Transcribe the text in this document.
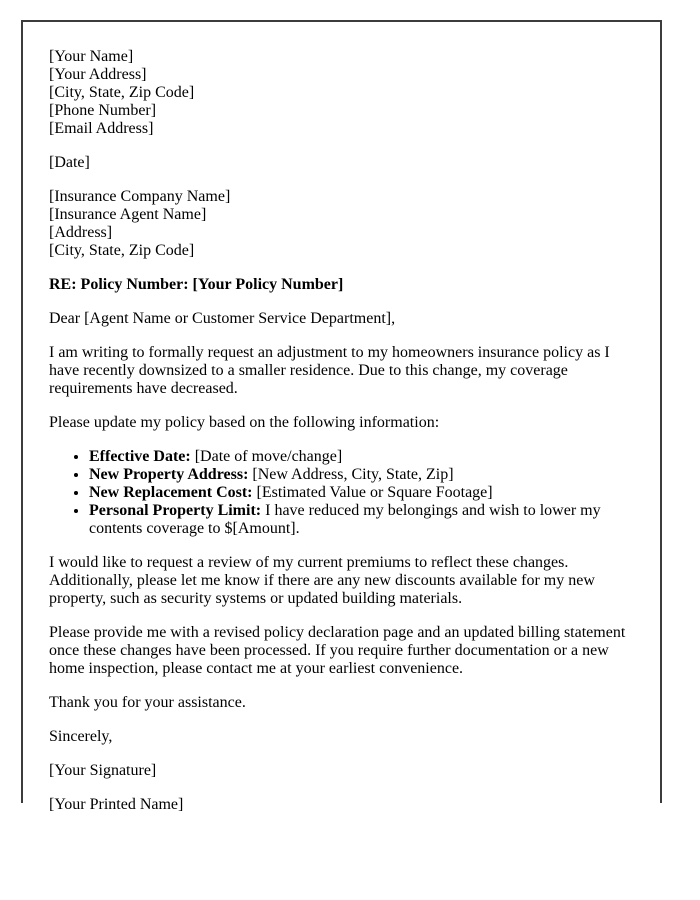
[Your Name]

[Your Address]

[City, State, Zip Code]

[Phone Number]

[Email Address]

[Date]

[Insurance Company Name]

[Insurance Agent Name]

[Address]

[City, State, Zip Code]

RE: Policy Number: [Your Policy Number]

Dear [Agent Name or Customer Service Department],

I am writing to formally request an adjustment to my homeowners insurance policy as I have recently downsized to a smaller residence. Due to this change, my coverage requirements have decreased.

Please update my policy based on the following information:

• Effective Date: [Date of move/change]
• New Property Address: [New Address, City, State, Zip]
• New Replacement Cost: [Estimated Value or Square Footage]
• Personal Property Limit: I have reduced my belongings and wish to lower my contents coverage to $[Amount].

I would like to request a review of my current premiums to reflect these changes. Additionally, please let me know if there are any new discounts available for my new property, such as security systems or updated building materials.

Please provide me with a revised policy declaration page and an updated billing statement once these changes have been processed. If you require further documentation or a new home inspection, please contact me at your earliest convenience.

Thank you for your assistance.

Sincerely,

[Your Signature]

[Your Printed Name]
